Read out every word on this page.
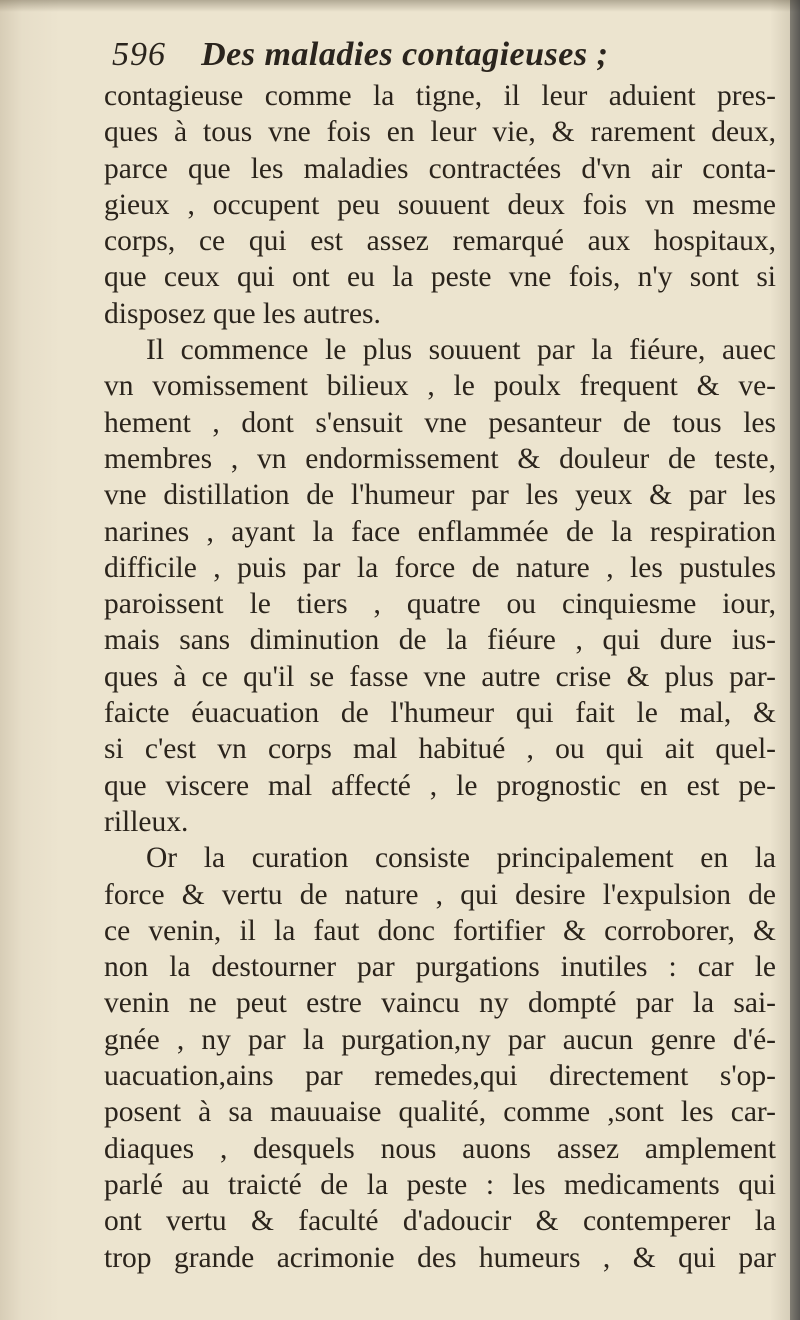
596 Des maladies contagieuses ;
contagieuse comme la tigne, il leur aduient pres-
ques à tous vne fois en leur vie, & rarement deux,
parce que les maladies contractées d'vn air conta-
gieux , occupent peu souuent deux fois vn mesme
corps, ce qui est assez remarqué aux hospitaux,
que ceux qui ont eu la peste vne fois, n'y sont si
disposez que les autres.
Il commence le plus souuent par la fiéure, auec
vn vomissement bilieux , le poulx frequent & ve-
hement , dont s'ensuit vne pesanteur de tous les
membres , vn endormissement & douleur de teste,
vne distillation de l'humeur par les yeux & par les
narines , ayant la face enflammée de la respiration
difficile , puis par la force de nature , les pustules
paroissent le tiers , quatre ou cinquiesme iour,
mais sans diminution de la fiéure , qui dure ius-
ques à ce qu'il se fasse vne autre crise & plus par-
faicte éuacuation de l'humeur qui fait le mal, &
si c'est vn corps mal habitué , ou qui ait quel-
que viscere mal affecté , le prognostic en est pe-
rilleux.
Or la curation consiste principalement en la
force & vertu de nature , qui desire l'expulsion de
ce venin, il la faut donc fortifier & corroborer, &
non la destourner par purgations inutiles : car le
venin ne peut estre vaincu ny dompté par la sai-
gnée , ny par la purgation,ny par aucun genre d'é-
uacuation,ains par remedes,qui directement s'op-
posent à sa mauuaise qualité, comme ,sont les car-
diaques , desquels nous auons assez amplement
parlé au traicté de la peste : les medicaments qui
ont vertu & faculté d'adoucir & contemperer la
trop grande acrimonie des humeurs , & qui par
